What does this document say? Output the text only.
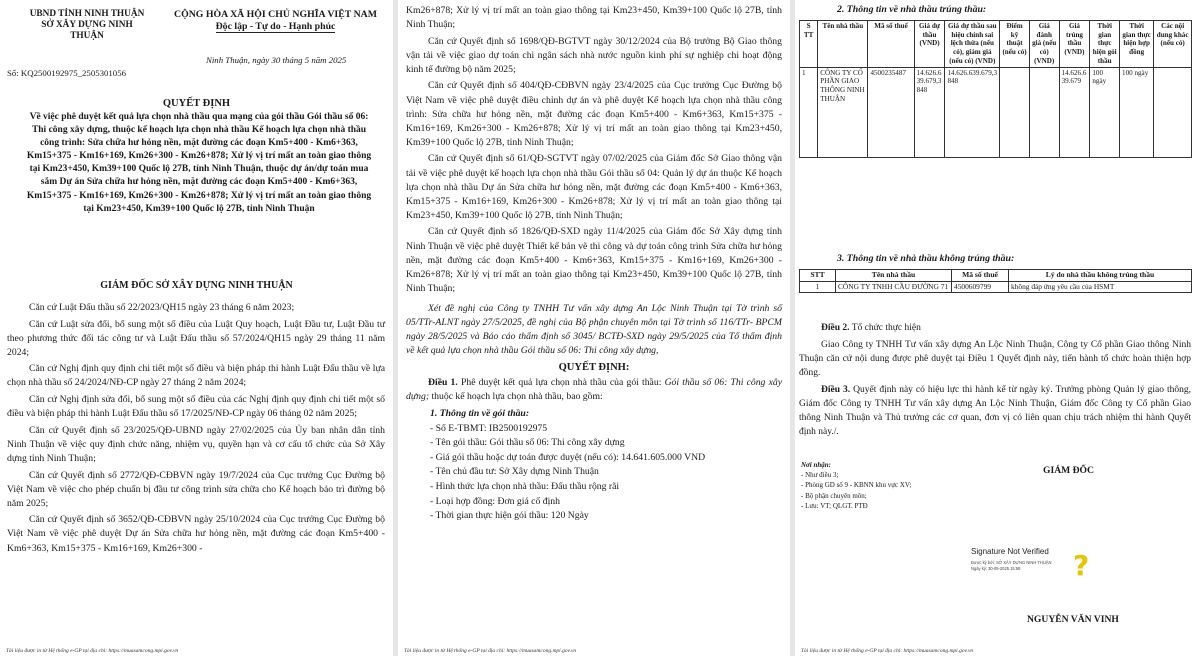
UBND TỈNH NINH THUẬN
SỞ XÂY DỰNG NINH
THUẬN
CỘNG HÒA XÃ HỘI CHỦ NGHĨA VIỆT NAM
Độc lập - Tự do - Hạnh phúc
Ninh Thuận, ngày 30 tháng 5 năm 2025
Số: KQ2500192975_2505301056
QUYẾT ĐỊNH
Về việc phê duyệt kết quả lựa chọn nhà thầu qua mạng của gói thầu Gói thầu số 06: Thi công xây dựng, thuộc kế hoạch lựa chọn nhà thầu Kế hoạch lựa chọn nhà thầu công trình: Sửa chữa hư hỏng nền, mặt đường các đoạn Km5+400 - Km6+363, Km15+375 - Km16+169, Km26+300 - Km26+878; Xử lý vị trí mất an toàn giao thông tại Km23+450, Km39+100 Quốc lộ 27B, tỉnh Ninh Thuận, thuộc dự án/dự toán mua sắm Dự án Sửa chữa hư hỏng nền, mặt đường các đoạn Km5+400 - Km6+363, Km15+375 - Km16+169, Km26+300 - Km26+878; Xử lý vị trí mất an toàn giao thông tại Km23+450, Km39+100 Quốc lộ 27B, tỉnh Ninh Thuận
GIÁM ĐỐC SỞ XÂY DỰNG NINH THUẬN

Căn cứ Luật Đấu thầu số 22/2023/QH15 ngày 23 tháng 6 năm 2023;

Căn cứ Luật sửa đổi, bổ sung một số điều của Luật Quy hoạch, Luật Đầu tư, Luật Đầu tư theo phương thức đối tác công tư và Luật Đấu thầu số 57/2024/QH15 ngày 29 tháng 11 năm 2024;

Căn cứ Nghị định quy định chi tiết một số điều và biện pháp thi hành Luật Đấu thầu về lựa chọn nhà thầu số 24/2024/NĐ-CP ngày 27 tháng 2 năm 2024;

Căn cứ Nghị định sửa đổi, bổ sung một số điều của các Nghị định quy định chi tiết một số điều và biện pháp thi hành Luật Đấu thầu số 17/2025/NĐ-CP ngày 06 tháng 02 năm 2025;

Căn cứ Quyết định số 23/2025/QĐ-UBND ngày 27/02/2025 của Ủy ban nhân dân tỉnh Ninh Thuận về việc quy định chức năng, nhiệm vụ, quyền hạn và cơ cấu tổ chức của Sở Xây dựng tỉnh Ninh Thuận;

Căn cứ Quyết định số 2772/QĐ-CĐBVN ngày 19/7/2024 của Cục trưởng Cục Đường bộ Việt Nam về việc cho phép chuẩn bị đầu tư công trình sửa chữa cho Kế hoạch bảo trì đường bộ năm 2025;

Căn cứ Quyết định số 3652/QĐ-CĐBVN ngày 25/10/2024 của Cục trưởng Cục Đường bộ Việt Nam về việc phê duyệt Dự án Sửa chữa hư hỏng nền, mặt đường các đoạn Km5+400 - Km6+363, Km15+375 - Km16+169, Km26+300 -

Tài liệu được in từ Hệ thống e-GP tại địa chỉ: https://muasamcong.mpi.gov.vn

Km26+878; Xử lý vị trí mất an toàn giao thông tại Km23+450, Km39+100 Quốc lộ 27B, tỉnh Ninh Thuận;

Căn cứ Quyết định số 1698/QĐ-BGTVT ngày 30/12/2024 của Bộ trưởng Bộ Giao thông vận tải về việc giao dự toán chi ngân sách nhà nước nguồn kinh phí sự nghiệp chi hoạt động kinh tế đường bộ năm 2025;

Căn cứ Quyết định số 404/QĐ-CĐBVN ngày 23/4/2025 của Cục trưởng Cục Đường bộ Việt Nam về việc phê duyệt điều chỉnh dự án và phê duyệt Kế hoạch lựa chọn nhà thầu công trình: Sửa chữa hư hỏng nền, mặt đường các đoạn Km5+400 - Km6+363, Km15+375 - Km16+169, Km26+300 - Km26+878; Xử lý vị trí mất an toàn giao thông tại Km23+450, Km39+100 Quốc lộ 27B, tỉnh Ninh Thuận;

Căn cứ Quyết định số 61/QĐ-SGTVT ngày 07/02/2025 của Giám đốc Sở Giao thông vận tải về việc phê duyệt kế hoạch lựa chọn nhà thầu Gói thầu số 04: Quản lý dự án thuộc Kế hoạch lựa chọn nhà thầu Dự án Sửa chữa hư hỏng nền, mặt đường các đoạn Km5+400 - Km6+363, Km15+375 - Km16+169, Km26+300 - Km26+878; Xử lý vị trí mất an toàn giao thông tại Km23+450, Km39+100 Quốc lộ 27B, tỉnh Ninh Thuận;

Căn cứ Quyết định số 1826/QĐ-SXD ngày 11/4/2025 của Giám đốc Sở Xây dựng tỉnh Ninh Thuận về việc phê duyệt Thiết kế bản vẽ thi công và dự toán công trình Sửa chữa hư hỏng nền, mặt đường các đoạn Km5+400 - Km6+363, Km15+375 - Km16+169, Km26+300 - Km26+878; Xử lý vị trí mất an toàn giao thông tại Km23+450, Km39+100 Quốc lộ 27B, tỉnh Ninh Thuận;

Xét đề nghị của Công ty TNHH Tư vấn xây dựng An Lộc Ninh Thuận tại Tờ trình số 05/TTr-ALNT ngày 27/5/2025, đề nghị của Bộ phận chuyên môn tại Tờ trình số 116/TTr- BPCM ngày 28/5/2025 và Báo cáo thẩm định số 3045/ BCTĐ-SXD ngày 29/5/2025 của Tổ thẩm định về kết quả lựa chọn nhà thầu Gói thầu số 06: Thi công xây dựng,

QUYẾT ĐỊNH:

Điều 1. Phê duyệt kết quả lựa chọn nhà thầu của gói thầu: Gói thầu số 06: Thi công xây dựng; thuộc kế hoạch lựa chọn nhà thầu, bao gồm:

1. Thông tin về gói thầu:
- Số E-TBMT: IB2500192975
- Tên gói thầu: Gói thầu số 06: Thi công xây dựng
- Giá gói thầu hoặc dự toán được duyệt (nếu có): 14.641.605.000 VND
- Tên chủ đầu tư: Sở Xây dựng Ninh Thuận
- Hình thức lựa chọn nhà thầu: Đấu thầu rộng rãi
- Loại hợp đồng: Đơn giá cố định
- Thời gian thực hiện gói thầu: 120 Ngày
Tài liệu được in từ Hệ thống e-GP tại địa chỉ: https://muasamcong.mpi.gov.vn
2. Thông tin về nhà thầu trúng thầu:
S TT	Tên nhà thầu	Mã số thuế	Giá dự thầu (VND)	Giá dự thầu sau hiệu chỉnh sai lệch thừa (nếu có), giảm giá (nếu có) (VND)	Điểm kỹ thuật (nếu có)	Giá đánh giá (nếu có) (VND)	Giá trúng thầu (VND)	Thời gian thực hiện gói thầu	Thời gian thực hiện hợp đồng	Các nội dung khác (nếu có)
1	CÔNG TY CỔ PHẦN GIAO THÔNG NINH THUẬN	4500235487	14.626.639.679,3848	14.626.639.679,3848			14.626.639.679	100 ngày	100 ngày	
3. Thông tin về nhà thầu không trúng thầu:
STT	Tên nhà thầu	Mã số thuế	Lý do nhà thầu không trúng thầu
1	CÔNG TY TNHH CẦU ĐƯỜNG 71	4500609799	không đáp ứng yêu cầu của HSMT

Điều 2. Tổ chức thực hiện

Giao Công ty TNHH Tư vấn xây dựng An Lộc Ninh Thuận, Công ty Cổ phần Giao thông Ninh Thuận căn cứ nội dung được phê duyệt tại Điều 1 Quyết định này, tiến hành tổ chức hoàn thiện hợp đồng.

Điều 3. Quyết định này có hiệu lực thi hành kể từ ngày ký. Trưởng phòng Quản lý giao thông, Giám đốc Công ty TNHH Tư vấn xây dựng An Lộc Ninh Thuận, Giám đốc Công ty Cổ phần Giao thông Ninh Thuận và Thủ trưởng các cơ quan, đơn vị có liên quan chịu trách nhiệm thi hành Quyết định này./.

Nơi nhận:
- Như điều 3;
- Phòng GD số 9 - KBNN khu vực XV;
- Bộ phận chuyên môn;
- Lưu: VT; QLGT. PTĐ
GIÁM ĐỐC
Signature Not Verified
Được ký bởi: SỞ XÂY DỰNG NINH THUẬN
Ngày ký: 30-05-2025 15:58 ?
NGUYỄN VĂN VINH
Tài liệu được in từ Hệ thống e-GP tại địa chỉ: https://muasamcong.mpi.gov.vn
